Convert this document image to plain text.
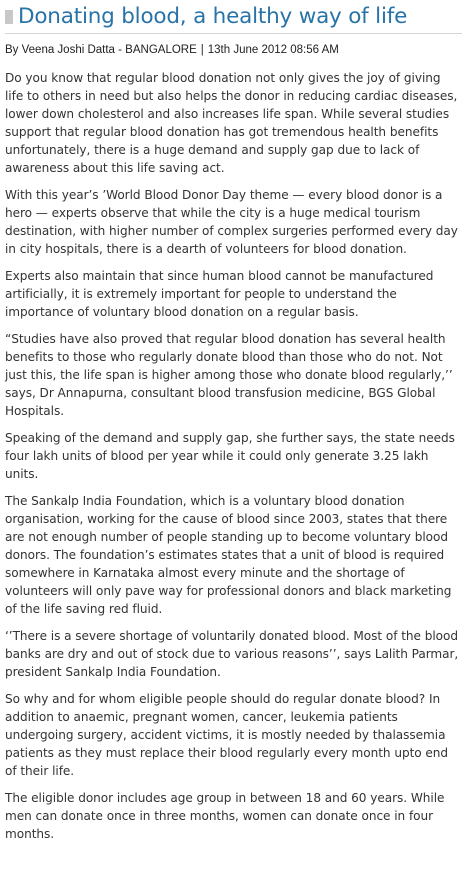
Donating blood, a healthy way of life
By Veena Joshi Datta - BANGALORE | 13th June 2012 08:56 AM

Do you know that regular blood donation not only gives the joy of giving life to others in need but also helps the donor in reducing cardiac diseases, lower down cholesterol and also increases life span. While several studies support that regular blood donation has got tremendous health benefits unfortunately, there is a huge demand and supply gap due to lack of awareness about this life saving act.

With this year’s ’World Blood Donor Day theme — every blood donor is a hero — experts observe that while the city is a huge medical tourism destination, with higher number of complex surgeries performed every day in city hospitals, there is a dearth of volunteers for blood donation.

Experts also maintain that since human blood cannot be manufactured artificially, it is extremely important for people to understand the importance of voluntary blood donation on a regular basis.

“Studies have also proved that regular blood donation has several health benefits to those who regularly donate blood than those who do not. Not just this, the life span is higher among those who donate blood regularly,’’ says, Dr Annapurna, consultant blood transfusion medicine, BGS Global Hospitals.

Speaking of the demand and supply gap, she further says, the state needs four lakh units of blood per year while it could only generate 3.25 lakh units.

The Sankalp India Foundation, which is a voluntary blood donation organisation, working for the cause of blood since 2003, states that there are not enough number of people standing up to become voluntary blood donors. The foundation’s estimates states that a unit of blood is required somewhere in Karnataka almost every minute and the shortage of volunteers will only pave way for professional donors and black marketing of the life saving red fluid.

‘’There is a severe shortage of voluntarily donated blood. Most of the blood banks are dry and out of stock due to various reasons’’, says Lalith Parmar, president Sankalp India Foundation.

So why and for whom eligible people should do regular donate blood? In addition to anaemic, pregnant women, cancer, leukemia patients undergoing surgery, accident victims, it is mostly needed by thalassemia patients as they must replace their blood regularly every month upto end of their life.

The eligible donor includes age group in between 18 and 60 years. While men can donate once in three months, women can donate once in four months.
